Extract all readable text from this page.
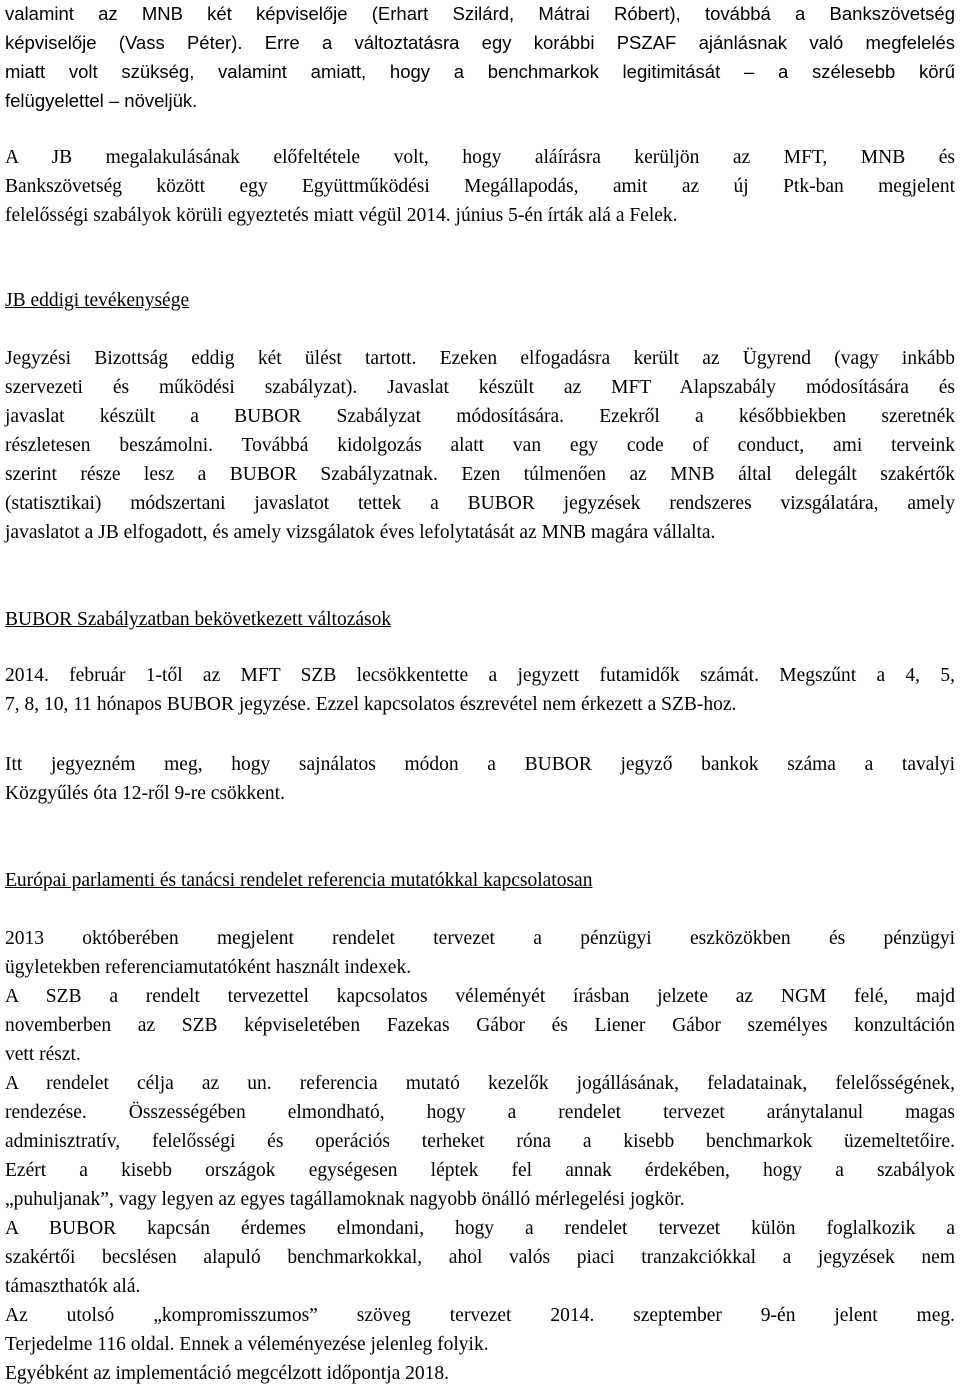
valamint az MNB két képviselője (Erhart Szilárd, Mátrai Róbert), továbbá a Bankszövetség
képviselője (Vass Péter). Erre a változtatásra egy korábbi PSZAF ajánlásnak való megfelelés
miatt volt szükség, valamint amiatt, hogy a benchmarkok legitimitását – a szélesebb körű
felügyelettel – növeljük.
A JB megalakulásának előfeltétele volt, hogy aláírásra kerüljön az MFT, MNB és
Bankszövetség között egy Együttműködési Megállapodás, amit az új Ptk-ban megjelent
felelősségi szabályok körüli egyeztetés miatt végül 2014. június 5-én írták alá a Felek.
JB eddigi tevékenysége
Jegyzési Bizottság eddig két ülést tartott. Ezeken elfogadásra került az Ügyrend (vagy inkább
szervezeti és működési szabályzat). Javaslat készült az MFT Alapszabály módosítására és
javaslat készült a BUBOR Szabályzat módosítására. Ezekről a későbbiekben szeretnék
részletesen beszámolni. Továbbá kidolgozás alatt van egy code of conduct, ami terveink
szerint része lesz a BUBOR Szabályzatnak. Ezen túlmenően az MNB által delegált szakértők
(statisztikai) módszertani javaslatot tettek a BUBOR jegyzések rendszeres vizsgálatára, amely
javaslatot a JB elfogadott, és amely vizsgálatok éves lefolytatását az MNB magára vállalta.
BUBOR Szabályzatban bekövetkezett változások
2014. február 1-től az MFT SZB lecsökkentette a jegyzett futamidők számát. Megszűnt a 4, 5,
7, 8, 10, 11 hónapos BUBOR jegyzése. Ezzel kapcsolatos észrevétel nem érkezett a SZB-hoz.
Itt jegyezném meg, hogy sajnálatos módon a BUBOR jegyző bankok száma a tavalyi
Közgyűlés óta 12-ről 9-re csökkent.
Európai parlamenti és tanácsi rendelet referencia mutatókkal kapcsolatosan
2013 októberében megjelent rendelet tervezet a pénzügyi eszközökben és pénzügyi
ügyletekben referenciamutatóként használt indexek.
A SZB a rendelt tervezettel kapcsolatos véleményét írásban jelzete az NGM felé, majd
novemberben az SZB képviseletében Fazekas Gábor és Liener Gábor személyes konzultáción
vett részt.
A rendelet célja az un. referencia mutató kezelők jogállásának, feladatainak, felelősségének,
rendezése. Összességében elmondható, hogy a rendelet tervezet aránytalanul magas
adminisztratív, felelősségi és operációs terheket róna a kisebb benchmarkok üzemeltetőire.
Ezért a kisebb országok egységesen léptek fel annak érdekében, hogy a szabályok
„puhuljanak”, vagy legyen az egyes tagállamoknak nagyobb önálló mérlegelési jogkör.
A BUBOR kapcsán érdemes elmondani, hogy a rendelet tervezet külön foglalkozik a
szakértői becslésen alapuló benchmarkokkal, ahol valós piaci tranzakciókkal a jegyzések nem
támaszthatók alá.
Az utolsó „kompromisszumos” szöveg tervezet 2014. szeptember 9-én jelent meg.
Terjedelme 116 oldal. Ennek a véleményezése jelenleg folyik.
Egyébként az implementáció megcélzott időpontja 2018.
